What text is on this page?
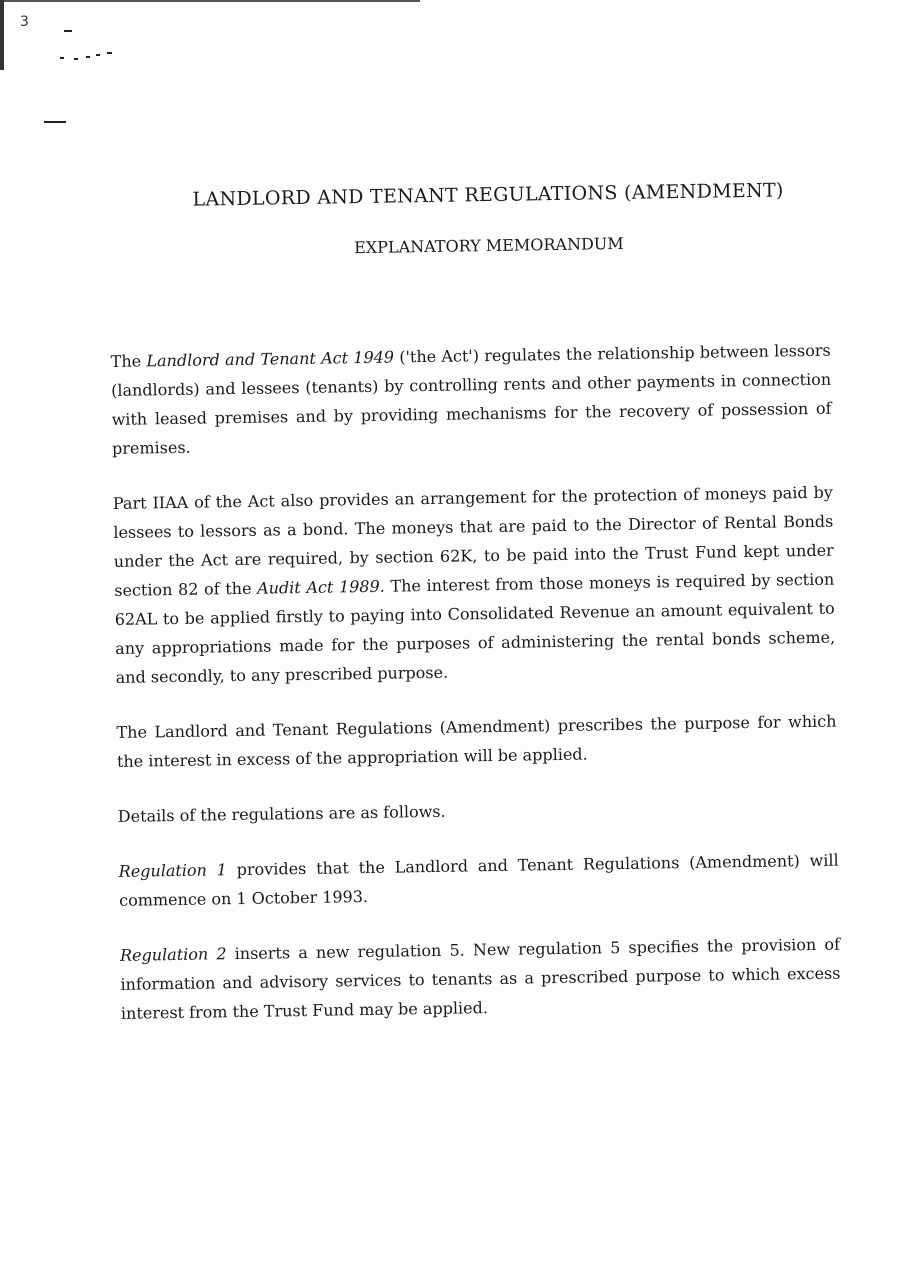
3
LANDLORD AND TENANT REGULATIONS (AMENDMENT)
EXPLANATORY MEMORANDUM

The Landlord and Tenant Act 1949 ('the Act') regulates the relationship between lessors (landlords) and lessees (tenants) by controlling rents and other payments in connection with leased premises and by providing mechanisms for the recovery of possession of premises.

Part IIAA of the Act also provides an arrangement for the protection of moneys paid by lessees to lessors as a bond. The moneys that are paid to the Director of Rental Bonds under the Act are required, by section 62K, to be paid into the Trust Fund kept under section 82 of the Audit Act 1989. The interest from those moneys is required by section 62AL to be applied firstly to paying into Consolidated Revenue an amount equivalent to any appropriations made for the purposes of administering the rental bonds scheme, and secondly, to any prescribed purpose.

The Landlord and Tenant Regulations (Amendment) prescribes the purpose for which the interest in excess of the appropriation will be applied.

Details of the regulations are as follows.

Regulation 1 provides that the Landlord and Tenant Regulations (Amendment) will commence on 1 October 1993.

Regulation 2 inserts a new regulation 5. New regulation 5 specifies the provision of information and advisory services to tenants as a prescribed purpose to which excess interest from the Trust Fund may be applied.
